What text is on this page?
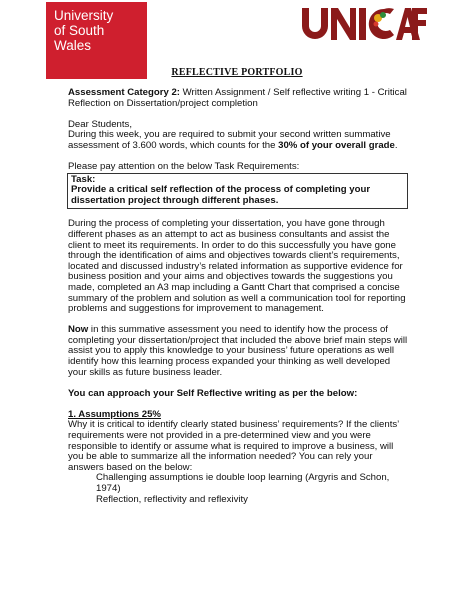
University
of South
Wales
REFLECTIVE PORTFOLIO
Assessment Category 2: Written Assignment / Self reflective writing 1 - Critical Reflection on Dissertation/project completion
Dear Students,
During this week, you are required to submit your second written summative assessment of 3.600 words, which counts for the 30% of your overall grade.
Please pay attention on the below Task Requirements:
Task:
Provide a critical self reflection of the process of completing your dissertation project through different phases.
During the process of completing your dissertation, you have gone through different phases as an attempt to act as business consultants and assist the client to meet its requirements. In order to do this successfully you have gone through the identification of aims and objectives towards client’s requirements, located and discussed industry’s related information as supportive evidence for business position and your aims and objectives towards the suggestions you made, completed an A3 map including a Gantt Chart that comprised a concise summary of the problem and solution as well a communication tool for reporting problems and suggestions for improvement to management.
Now in this summative assessment you need to identify how the process of completing your dissertation/project that included the above brief main steps will assist you to apply this knowledge to your business’ future operations as well identify how this learning process expanded your thinking as well developed your skills as future business leader.
You can approach your Self Reflective writing as per the below:
1. Assumptions 25%
Why it is critical to identify clearly stated business’ requirements? If the clients’ requirements were not provided in a pre-determined view and you were responsible to identify or assume what is required to improve a business, will you be able to summarize all the information needed? You can rely your answers based on the below:
Challenging assumptions ie double loop learning (Argyris and Schon, 1974)
Reflection, reflectivity and reflexivity
